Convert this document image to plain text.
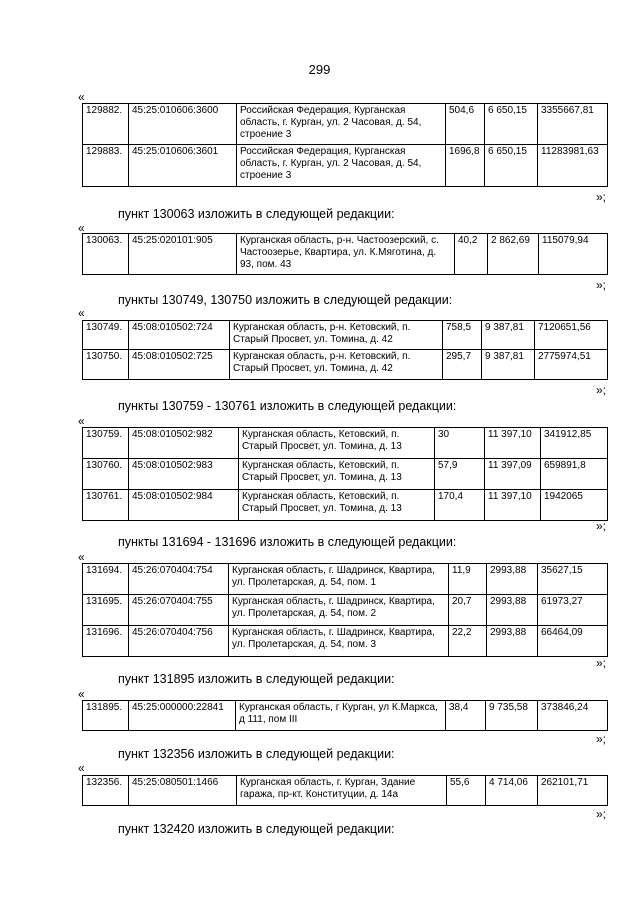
299
«
129882.	45:25:010606:3600	Российская Федерация, Курганская область, г. Курган, ул. 2 Часовая, д. 54, строение 3	504,6	6 650,15	3355667,81
129883.	45:25:010606:3601	Российская Федерация, Курганская область, г. Курган, ул. 2 Часовая, д. 54, строение 3	1696,8	6 650,15	11283981,63
»;
пункт 130063 изложить в следующей редакции:
«
130063.	45:25:020101:905	Курганская область, р-н. Частоозерский, с. Частоозерье, Квартира, ул. К.Мяготина, д. 93, пом. 43	40,2	2 862,69	115079,94
»;
пункты 130749, 130750 изложить в следующей редакции:
«
130749.	45:08:010502:724	Курганская область, р-н. Кетовский, п. Старый Просвет, ул. Томина, д. 42	758,5	9 387,81	7120651,56
130750.	45:08:010502:725	Курганская область, р-н. Кетовский, п. Старый Просвет, ул. Томина, д. 42	295,7	9 387,81	2775974,51
»;
пункты 130759 - 130761 изложить в следующей редакции:
«
130759.	45:08:010502:982	Курганская область, Кетовский, п. Старый Просвет, ул. Томина, д. 13	30	11 397,10	341912,85
130760.	45:08:010502:983	Курганская область, Кетовский, п. Старый Просвет, ул. Томина, д. 13	57,9	11 397,09	659891,8
130761.	45:08:010502:984	Курганская область, Кетовский, п. Старый Просвет, ул. Томина, д. 13	170,4	11 397,10	1942065
»;
пункты 131694 - 131696 изложить в следующей редакции:
«
131694.	45:26:070404:754	Курганская область, г. Шадринск, Квартира, ул. Пролетарская, д. 54, пом. 1	11,9	2993,88	35627,15
131695.	45:26:070404:755	Курганская область, г. Шадринск, Квартира, ул. Пролетарская, д. 54, пом. 2	20,7	2993,88	61973,27
131696.	45:26:070404:756	Курганская область, г. Шадринск, Квартира, ул. Пролетарская, д. 54, пом. 3	22,2	2993,88	66464,09
»;
пункт 131895 изложить в следующей редакции:
«
131895.	45:25:000000:22841	Курганская область, г Курган, ул К.Маркса, д 111, пом III	38,4	9 735,58	373846,24
»;
пункт 132356 изложить в следующей редакции:
«
132356.	45:25:080501:1466	Курганская область, г. Курган, Здание гаража, пр-кт. Конституции, д. 14а	55,6	4 714,06	262101,71
»;
пункт 132420 изложить в следующей редакции:
